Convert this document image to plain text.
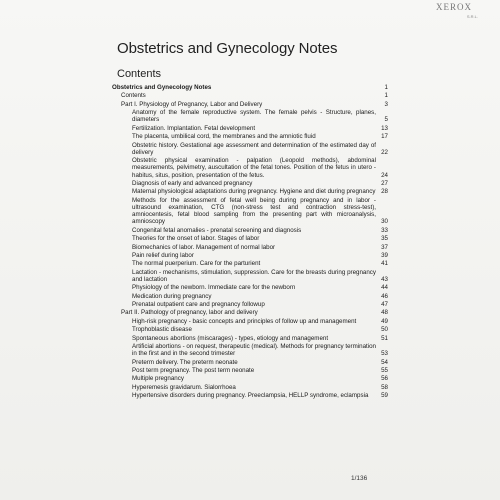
XEROX
S.R.L.
Obstetrics and Gynecology Notes
Contents
Obstetrics and Gynecology Notes	1
Contents	1
Part I. Physiology of Pregnancy, Labor and Delivery	3
Anatomy of the female reproductive system. The female pelvis - Structure, planes, diameters	5
Fertilization. Implantation. Fetal development	13
The placenta, umbilical cord, the membranes and the amniotic fluid	17
Obstetric history. Gestational age assessment and determination of the estimated day of delivery	22
Obstetric physical examination - palpation (Leopold methods), abdominal measurements, pelvimetry, auscultation of the fetal tones. Position of the fetus in utero - habitus, situs, position, presentation of the fetus.	24
Diagnosis of early and advanced pregnancy	27
Maternal physiological adaptations during pregnancy. Hygiene and diet during pregnancy 28
Methods for the assessment of fetal well being during pregnancy and in labor - ultrasound examination, CTG (non-stress test and contraction stress-test), amniocentesis, fetal blood sampling from the presenting part with microanalysis, amnioscopy	30
Congenital fetal anomalies - prenatal screening and diagnosis	33
Theories for the onset of labor. Stages of labor	35
Biomechanics of labor. Management of normal labor	37
Pain relief during labor	39
The normal puerperium. Care for the parturient	41
Lactation - mechanisms, stimulation, suppression. Care for the breasts during pregnancy and lactation	43
Physiology of the newborn. Immediate care for the newborn	44
Medication during pregnancy	46
Prenatal outpatient care and pregnancy followup	47
Part II. Pathology of pregnancy, labor and delivery	48
High-risk pregnancy - basic concepts and principles of follow up and management	49
Trophoblastic disease	50
Spontaneous abortions (miscarages) - types, etiology and management	51
Artificial abortions - on request, therapeutic (medical). Methods for pregnancy termination in the first and in the second trimester	53
Preterm delivery. The preterm neonate	54
Post term pregnancy. The post term neonate	55
Multiple pregnancy	56
Hyperemesis gravidarum. Sialorrhoea	58
Hypertensive disorders during pregnancy. Preeclampsia, HELLP syndrome, eclampsia	59
1/136
